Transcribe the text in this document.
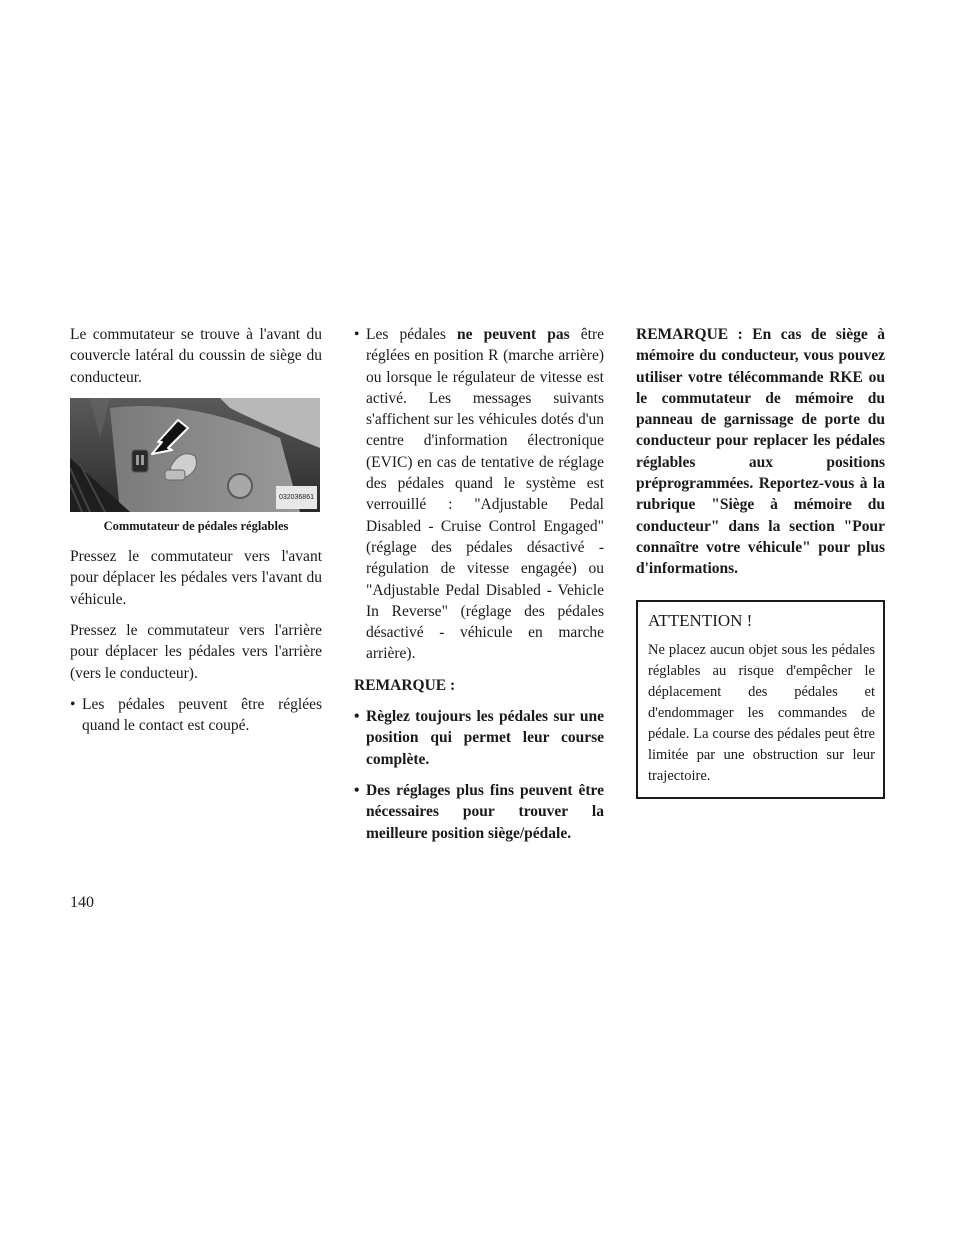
Le commutateur se trouve à l'avant du couvercle latéral du coussin de siège du conducteur.

032036861
Commutateur de pédales réglables

Pressez le commutateur vers l'avant pour déplacer les pédales vers l'avant du véhicule.

Pressez le commutateur vers l'arrière pour déplacer les pédales vers l'arrière (vers le conducteur).

• Les pédales peuvent être réglées quand le contact est coupé.
• Les pédales ne peuvent pas être réglées en position R (marche arrière) ou lorsque le régulateur de vitesse est activé. Les messages suivants s'affichent sur les véhicules dotés d'un centre d'information électronique (EVIC) en cas de tentative de réglage des pédales quand le système est verrouillé : "Adjustable Pedal Disabled - Cruise Control Engaged" (réglage des pédales désactivé - régulation de vitesse engagée) ou "Adjustable Pedal Disabled - Vehicle In Reverse" (réglage des pédales désactivé - véhicule en marche arrière).

REMARQUE :

• Règlez toujours les pédales sur une position qui permet leur course complète.
• Des réglages plus fins peuvent être nécessaires pour trouver la meilleure position siège/pédale.

REMARQUE : En cas de siège à mémoire du conducteur, vous pouvez utiliser votre télécommande RKE ou le commutateur de mémoire du panneau de garnissage de porte du conducteur pour replacer les pédales réglables aux positions préprogrammées. Reportez-vous à la rubrique "Siège à mémoire du conducteur" dans la section "Pour connaître votre véhicule" pour plus d'informations.

ATTENTION !

Ne placez aucun objet sous les pédales réglables au risque d'empêcher le déplacement des pédales et d'endommager les commandes de pédale. La course des pédales peut être limitée par une obstruction sur leur trajectoire.

140
